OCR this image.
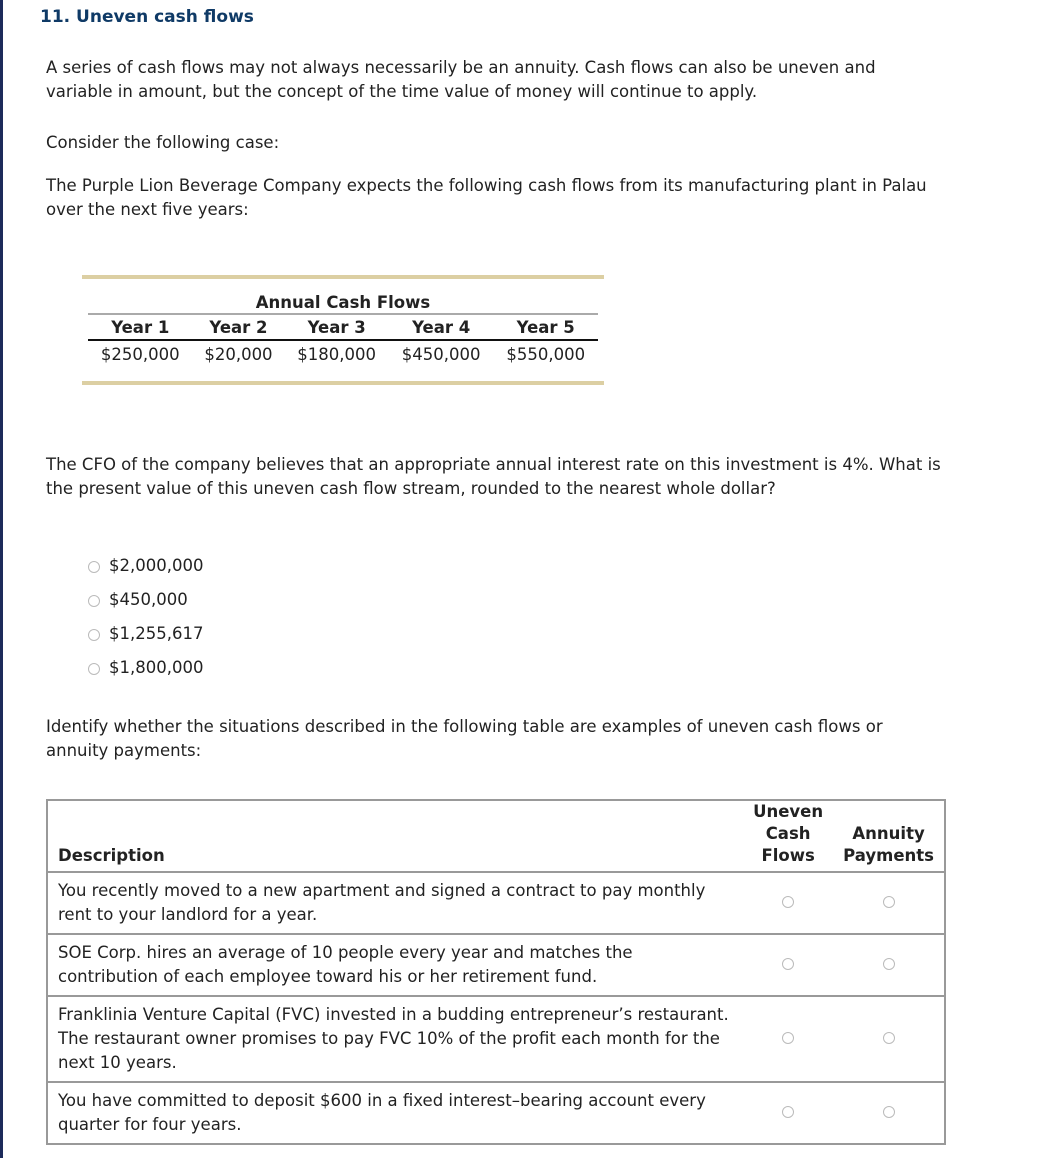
11. Uneven cash flows
A series of cash flows may not always necessarily be an annuity. Cash flows can also be uneven and variable in amount, but the concept of the time value of money will continue to apply.
Consider the following case:
The Purple Lion Beverage Company expects the following cash flows from its manufacturing plant in Palau over the next five years:
Annual Cash Flows				
Year 1	Year 2	Year 3	Year 4	Year 5
$250,000	$20,000	$180,000	$450,000	$550,000
The CFO of the company believes that an appropriate annual interest rate on this investment is 4%. What is the present value of this uneven cash flow stream, rounded to the nearest whole dollar?
$2,000,000
$450,000
$1,255,617
$1,800,000
Identify whether the situations described in the following table are examples of uneven cash flows or annuity payments:
Description	Uneven Cash Flows	Annuity Payments
You recently moved to a new apartment and signed a contract to pay monthly rent to your landlord for a year.		
SOE Corp. hires an average of 10 people every year and matches the contribution of each employee toward his or her retirement fund.		
Franklinia Venture Capital (FVC) invested in a budding entrepreneur’s restaurant. The restaurant owner promises to pay FVC 10% of the profit each month for the next 10 years.		
You have committed to deposit $600 in a fixed interest–bearing account every quarter for four years.		
